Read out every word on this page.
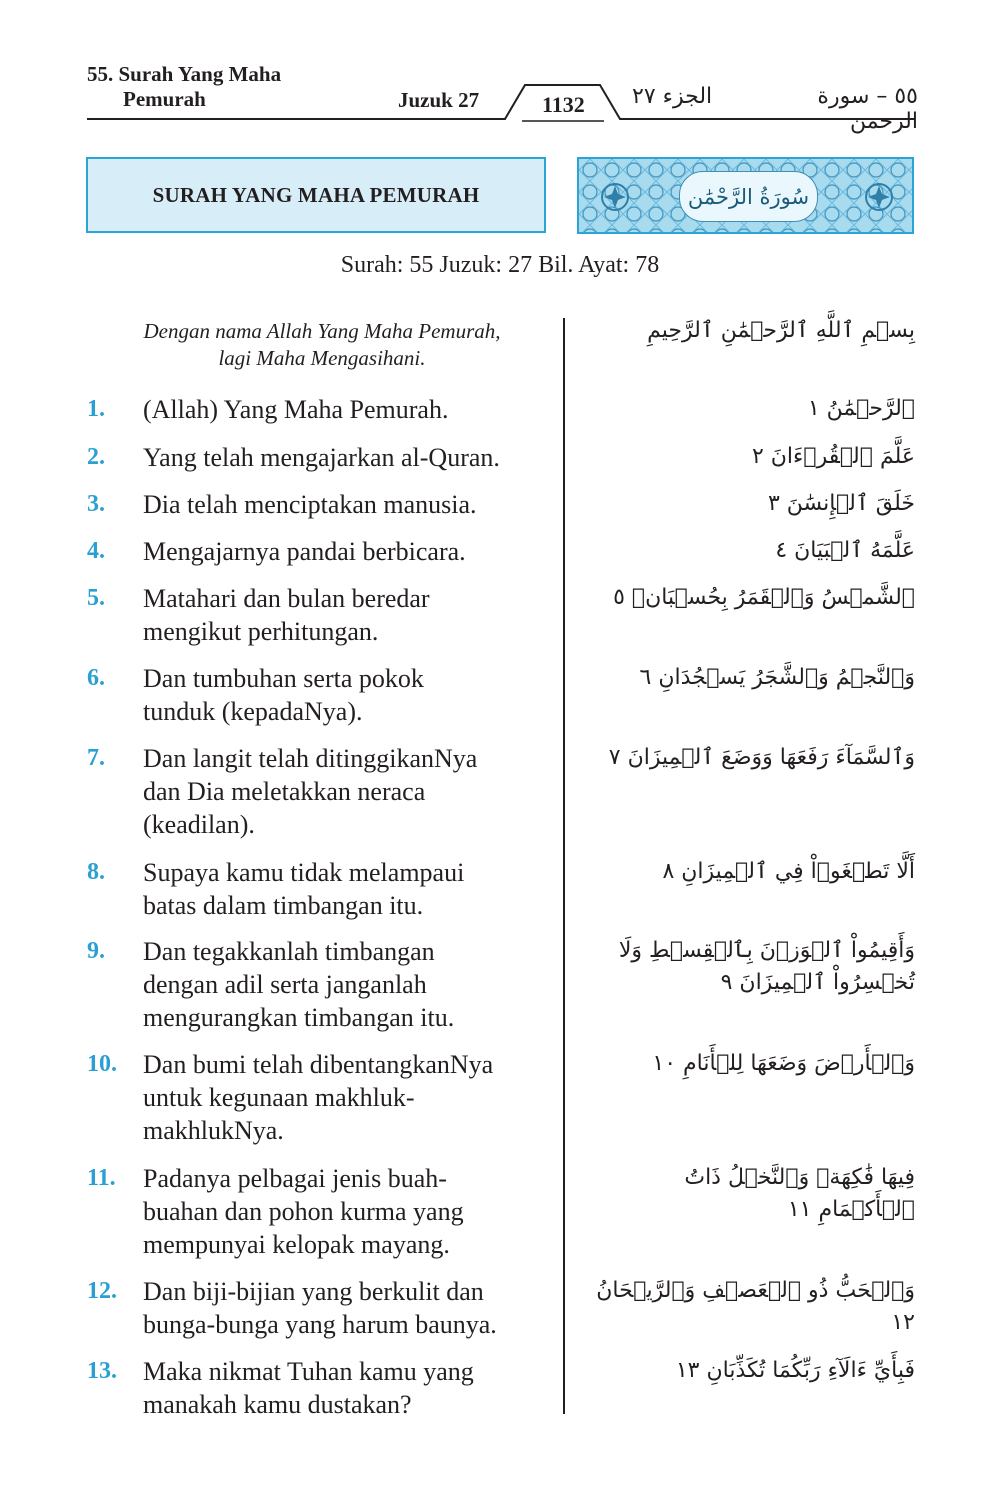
55. Surah Yang Maha
Pemurah	Juzuk 27	1132 الجزء ٢٧	٥٥ – سورة الرحمن
SURAH YANG MAHA PEMURAH	سُورَةُ الرَّحْمَٰن
Surah: 55 Juzuk: 27 Bil. Ayat: 78
Dengan nama Allah Yang Maha Pemurah,
lagi Maha Mengasihani.
بِسۡمِ ٱللَّهِ ٱلرَّحۡمَٰنِ ٱلرَّحِيمِ
1. (Allah) Yang Maha Pemurah.	ٱلرَّحۡمَٰنُ ١
2. Yang telah mengajarkan al-Quran.	عَلَّمَ ٱلۡقُرۡءَانَ ٢
3. Dia telah menciptakan manusia.	خَلَقَ ٱلۡإِنسَٰنَ ٣
4. Mengajarnya pandai berbicara.	عَلَّمَهُ ٱلۡبَيَانَ ٤
5. Matahari dan bulan beredar
mengikut perhitungan.
ٱلشَّمۡسُ وَٱلۡقَمَرُ بِحُسۡبَانٖ ٥
6. Dan tumbuhan serta pokok
tunduk (kepadaNya).
وَٱلنَّجۡمُ وَٱلشَّجَرُ يَسۡجُدَانِ ٦
7. Dan langit telah ditinggikanNya
dan Dia meletakkan neraca
(keadilan).
وَٱلسَّمَآءَ رَفَعَهَا وَوَضَعَ ٱلۡمِيزَانَ ٧
8. Supaya kamu tidak melampaui
batas dalam timbangan itu.
أَلَّا تَطۡغَوۡاْ فِي ٱلۡمِيزَانِ ٨
9. Dan tegakkanlah timbangan
dengan adil serta janganlah
mengurangkan timbangan itu.
وَأَقِيمُواْ ٱلۡوَزۡنَ بِٱلۡقِسۡطِ وَلَا تُخۡسِرُواْ ٱلۡمِيزَانَ ٩
10. Dan bumi telah dibentangkanNya
untuk kegunaan makhluk-
makhlukNya.
وَٱلۡأَرۡضَ وَضَعَهَا لِلۡأَنَامِ ١٠
11. Padanya pelbagai jenis buah-
buahan dan pohon kurma yang
mempunyai kelopak mayang.
فِيهَا فَٰكِهَةٞ وَٱلنَّخۡلُ ذَاتُ ٱلۡأَكۡمَامِ ١١
12. Dan biji-bijian yang berkulit dan
bunga-bunga yang harum baunya.
وَٱلۡحَبُّ ذُو ٱلۡعَصۡفِ وَٱلرَّيۡحَانُ ١٢
13. Maka nikmat Tuhan kamu yang
manakah kamu dustakan?
فَبِأَيِّ ءَالَآءِ رَبِّكُمَا تُكَذِّبَانِ ١٣
